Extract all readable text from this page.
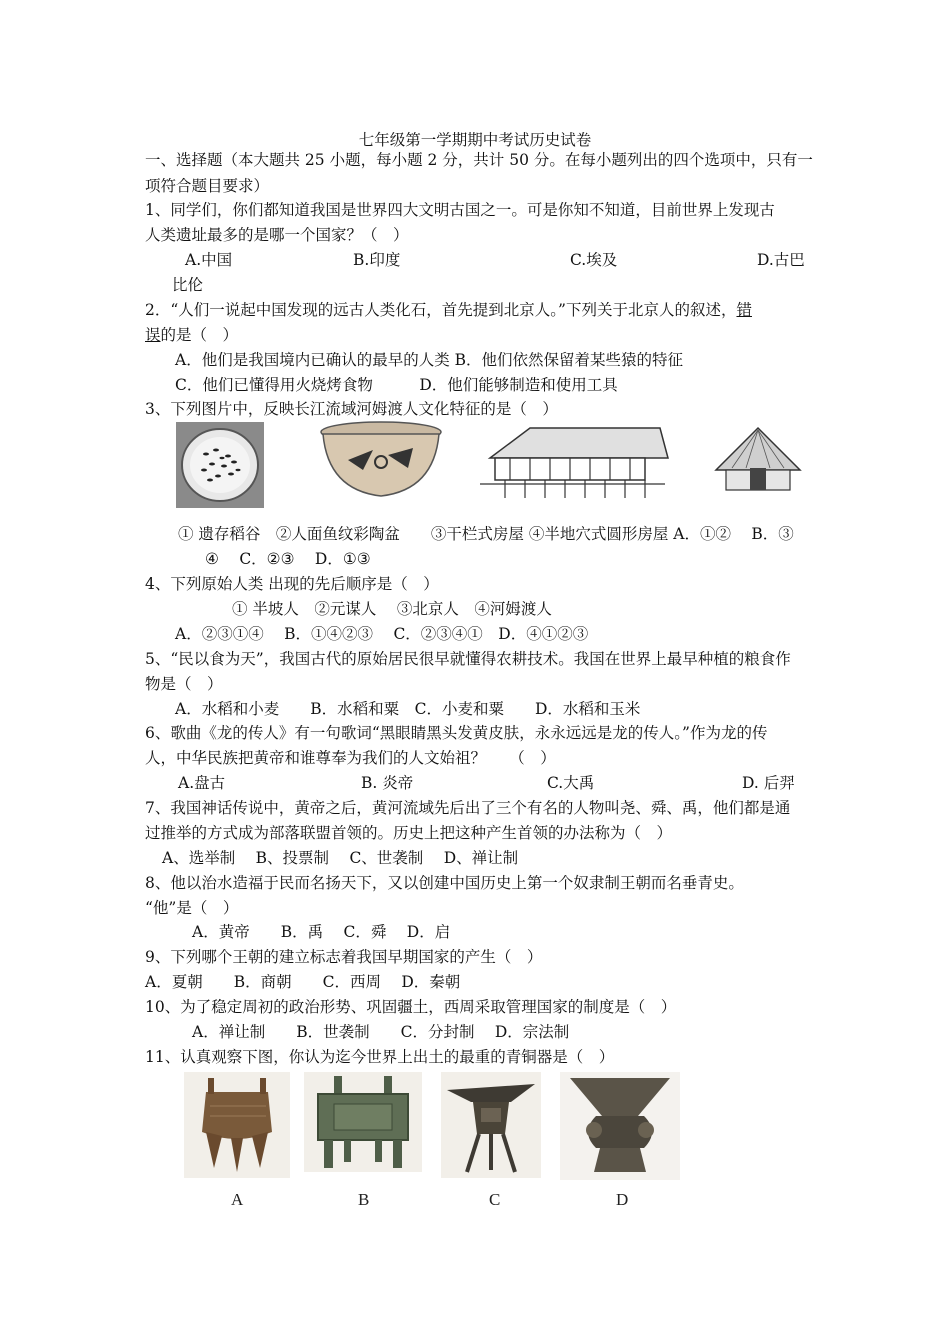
七年级第一学期期中考试历史试卷
一、选择题（本大题共 25 小题，每小题 2 分，共计 50 分。在每小题列出的四个选项中，只有一
项符合题目要求）
1、同学们，你们都知道我国是世界四大文明古国之一。可是你知不知道，目前世界上发现古
人类遗址最多的是哪一个国家？（　）
A.中国	B.印度	C.埃及	D.古巴
比伦
2．“人们一说起中国发现的远古人类化石，首先提到北京人。”下列关于北京人的叙述，错
误的是（　）
A．他们是我国境内已确认的最早的人类 B．他们依然保留着某些猿的特征
C．他们已懂得用火烧烤食物　　　D．他们能够制造和使用工具
3、下列图片中，反映长江流域河姆渡人文化特征的是（　）
① 遗存稻谷　②人面鱼纹彩陶盆　　③干栏式房屋 ④半地穴式圆形房屋 A．①②　 B．③
④　 C．②③　 D．①③
4、下列原始人类 出现的先后顺序是（　）
① 半坡人　②元谋人　 ③北京人　④河姆渡人
A．②③①④　 B．①④②③　 C．②③④①　D．④①②③
5、“民以食为天”，我国古代的原始居民很早就懂得农耕技术。我国在世界上最早种植的粮食作
物是（　）
A．水稻和小麦　　B．水稻和粟　C．小麦和粟　　D．水稻和玉米
6、歌曲《龙的传人》有一句歌词“黑眼睛黑头发黄皮肤，永永远远是龙的传人。”作为龙的传
人，中华民族把黄帝和谁尊奉为我们的人文始祖？　　（　）
A.盘古	B. 炎帝	C.大禹	D. 后羿
7、我国神话传说中，黄帝之后，黄河流域先后出了三个有名的人物叫尧、舜、禹，他们都是通
过推举的方式成为部落联盟首领的。历史上把这种产生首领的办法称为（　）
A、选举制　 B、投票制　 C、世袭制　 D、禅让制
8、他以治水造福于民而名扬天下，又以创建中国历史上第一个奴隶制王朝而名垂青史。
“他”是（　）
A．黄帝　　B．禹　 C．舜　 D．启
9、下列哪个王朝的建立标志着我国早期国家的产生（　）
A．夏朝　　B．商朝　　C．西周　 D．秦朝
10、为了稳定周初的政治形势、巩固疆土，西周采取管理国家的制度是（　）
A．禅让制　　B．世袭制　　C．分封制　 D．宗法制
11、认真观察下图，你认为迄今世界上出土的最重的青铜器是（　）
A	B	C	D
